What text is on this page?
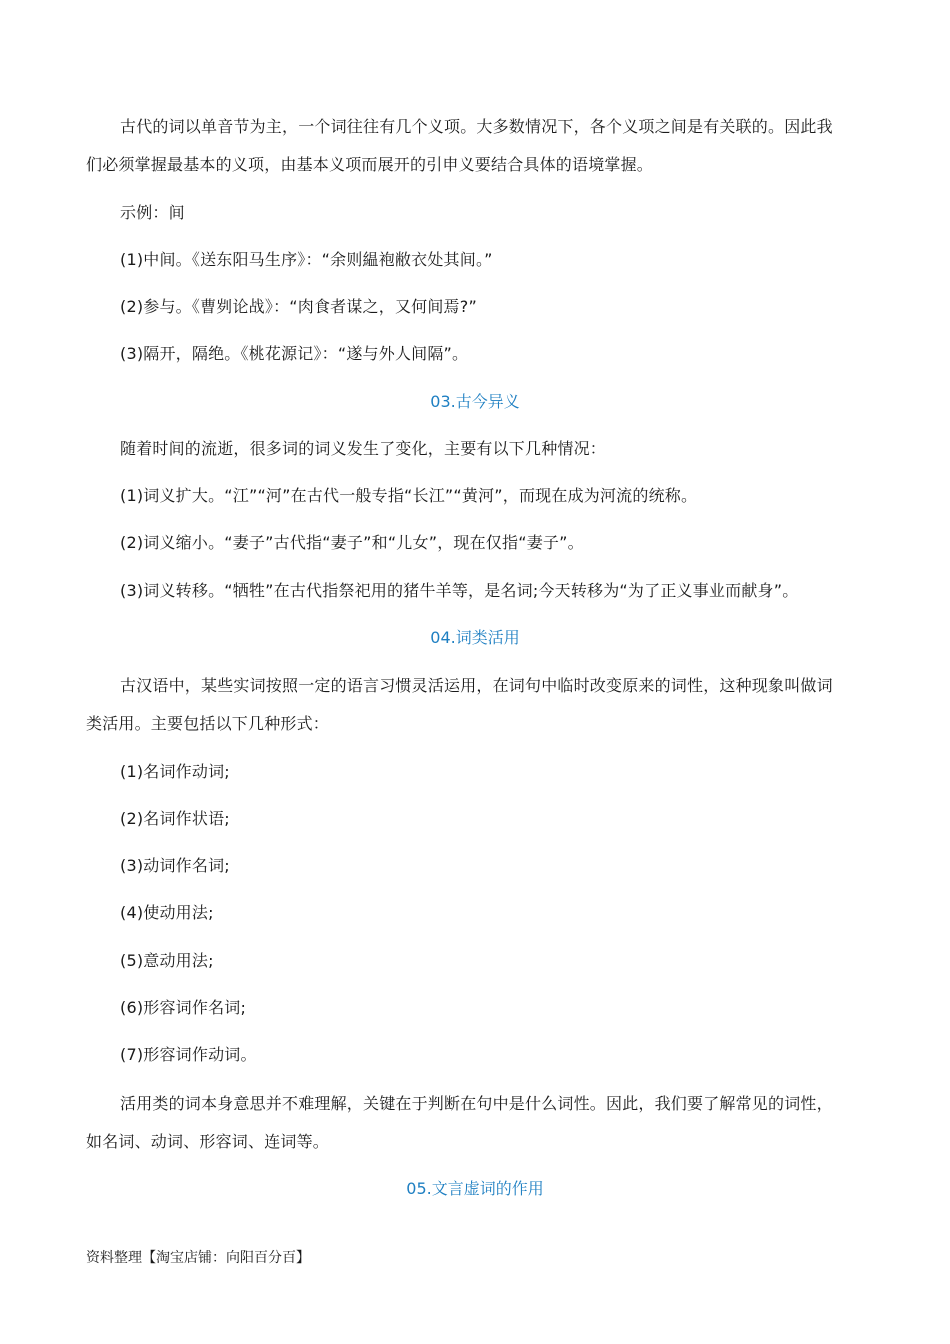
古代的词以单音节为主，一个词往往有几个义项。大多数情况下，各个义项之间是有关联的。因此我
们必须掌握最基本的义项，由基本义项而展开的引申义要结合具体的语境掌握。
示例：间
(1)中间。《送东阳马生序》：“余则緼袍敝衣处其间。”
(2)参与。《曹刿论战》：“肉食者谋之，又何间焉?”
(3)隔开，隔绝。《桃花源记》：“遂与外人间隔”。
03.古今异义
随着时间的流逝，很多词的词义发生了变化，主要有以下几种情况：
(1)词义扩大。“江”“河”在古代一般专指“长江”“黄河”，而现在成为河流的统称。
(2)词义缩小。“妻子”古代指“妻子”和“儿女”，现在仅指“妻子”。
(3)词义转移。“牺牲”在古代指祭祀用的猪牛羊等，是名词;今天转移为“为了正义事业而献身”。
04.词类活用
古汉语中，某些实词按照一定的语言习惯灵活运用，在词句中临时改变原来的词性，这种现象叫做词
类活用。主要包括以下几种形式：
(1)名词作动词;
(2)名词作状语;
(3)动词作名词;
(4)使动用法;
(5)意动用法;
(6)形容词作名词;
(7)形容词作动词。
活用类的词本身意思并不难理解，关键在于判断在句中是什么词性。因此，我们要了解常见的词性，
如名词、动词、形容词、连词等。
05.文言虚词的作用
资料整理【淘宝店铺：向阳百分百】
